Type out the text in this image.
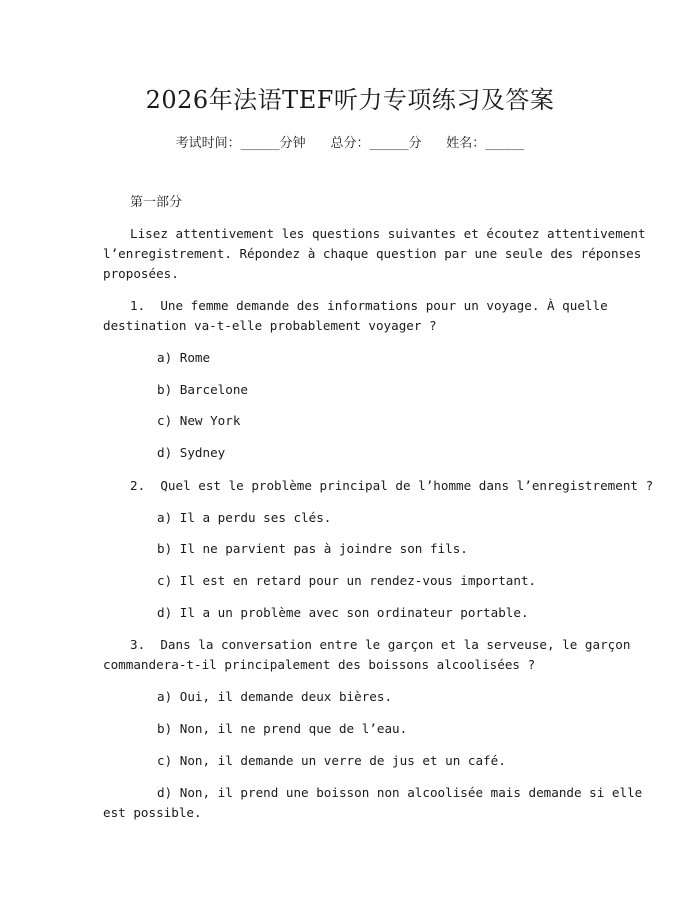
2026年法语TEF听力专项练习及答案
考试时间：______分钟 总分：______分 姓名：______
第一部分
Lisez attentivement les questions suivantes et écoutez attentivement
l’enregistrement. Répondez à chaque question par une seule des réponses
proposées.
1.  Une femme demande des informations pour un voyage. À quelle
destination va-t-elle probablement voyager ?
a) Rome
b) Barcelone
c) New York
d) Sydney
2.  Quel est le problème principal de l’homme dans l’enregistrement ?
a) Il a perdu ses clés.
b) Il ne parvient pas à joindre son fils.
c) Il est en retard pour un rendez-vous important.
d) Il a un problème avec son ordinateur portable.
3.  Dans la conversation entre le garçon et la serveuse, le garçon
commandera-t-il principalement des boissons alcoolisées ?
a) Oui, il demande deux bières.
b) Non, il ne prend que de l’eau.
c) Non, il demande un verre de jus et un café.
d) Non, il prend une boisson non alcoolisée mais demande si elle
est possible.
